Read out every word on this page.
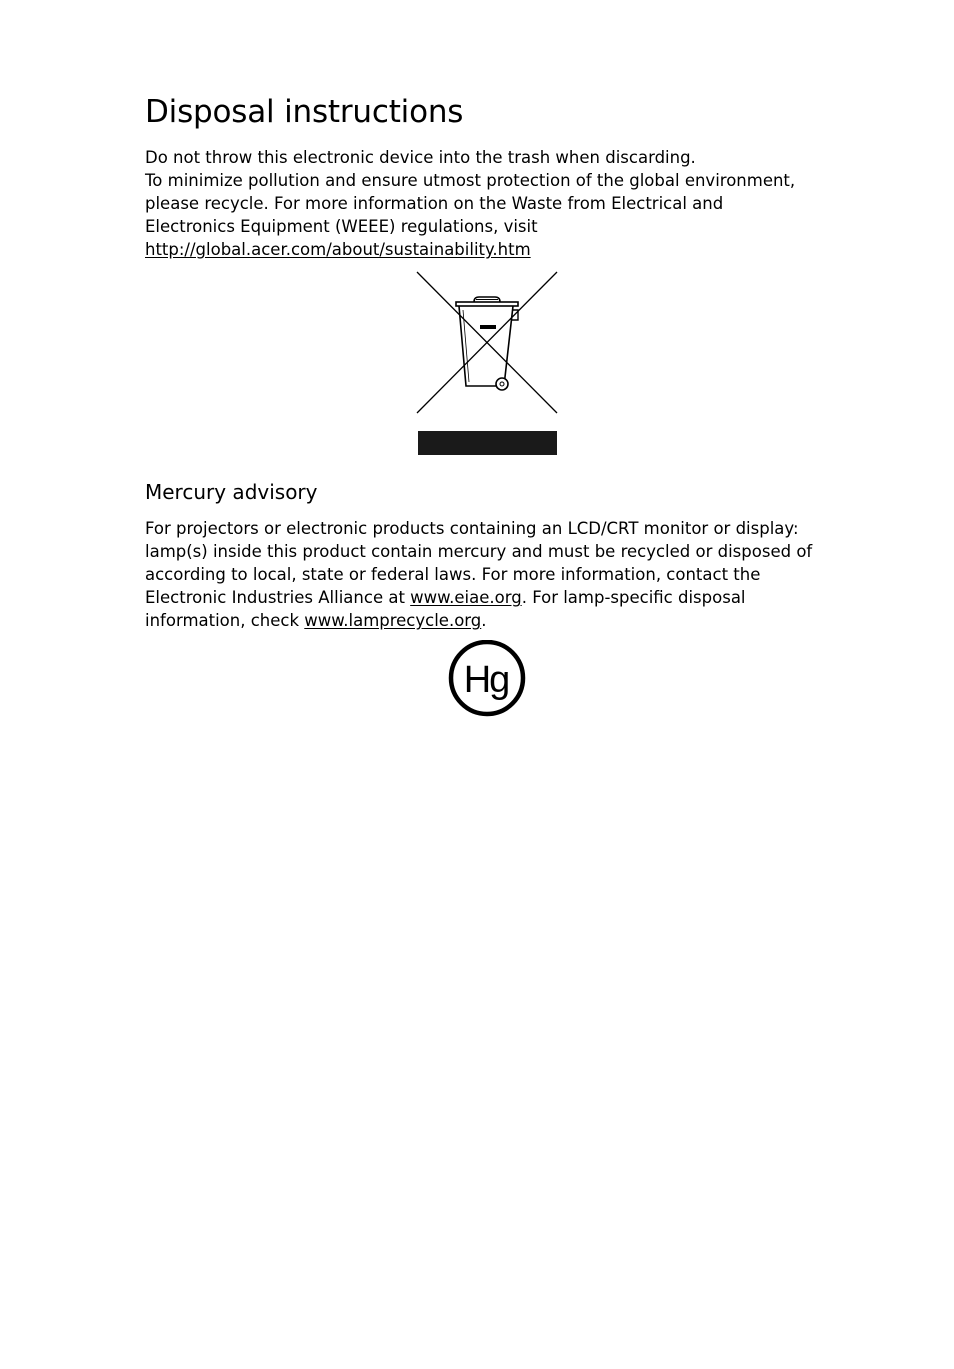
Disposal instructions

Do not throw this electronic device into the trash when discarding.
To minimize pollution and ensure utmost protection of the global environment,
please recycle. For more information on the Waste from Electrical and
Electronics Equipment (WEEE) regulations, visit
http://global.acer.com/about/sustainability.htm

Mercury advisory

For projectors or electronic products containing an LCD/CRT monitor or display:
lamp(s) inside this product contain mercury and must be recycled or disposed of
according to local, state or federal laws. For more information, contact the
Electronic Industries Alliance at www.eiae.org. For lamp-specific disposal
information, check www.lamprecycle.org.

Hg
